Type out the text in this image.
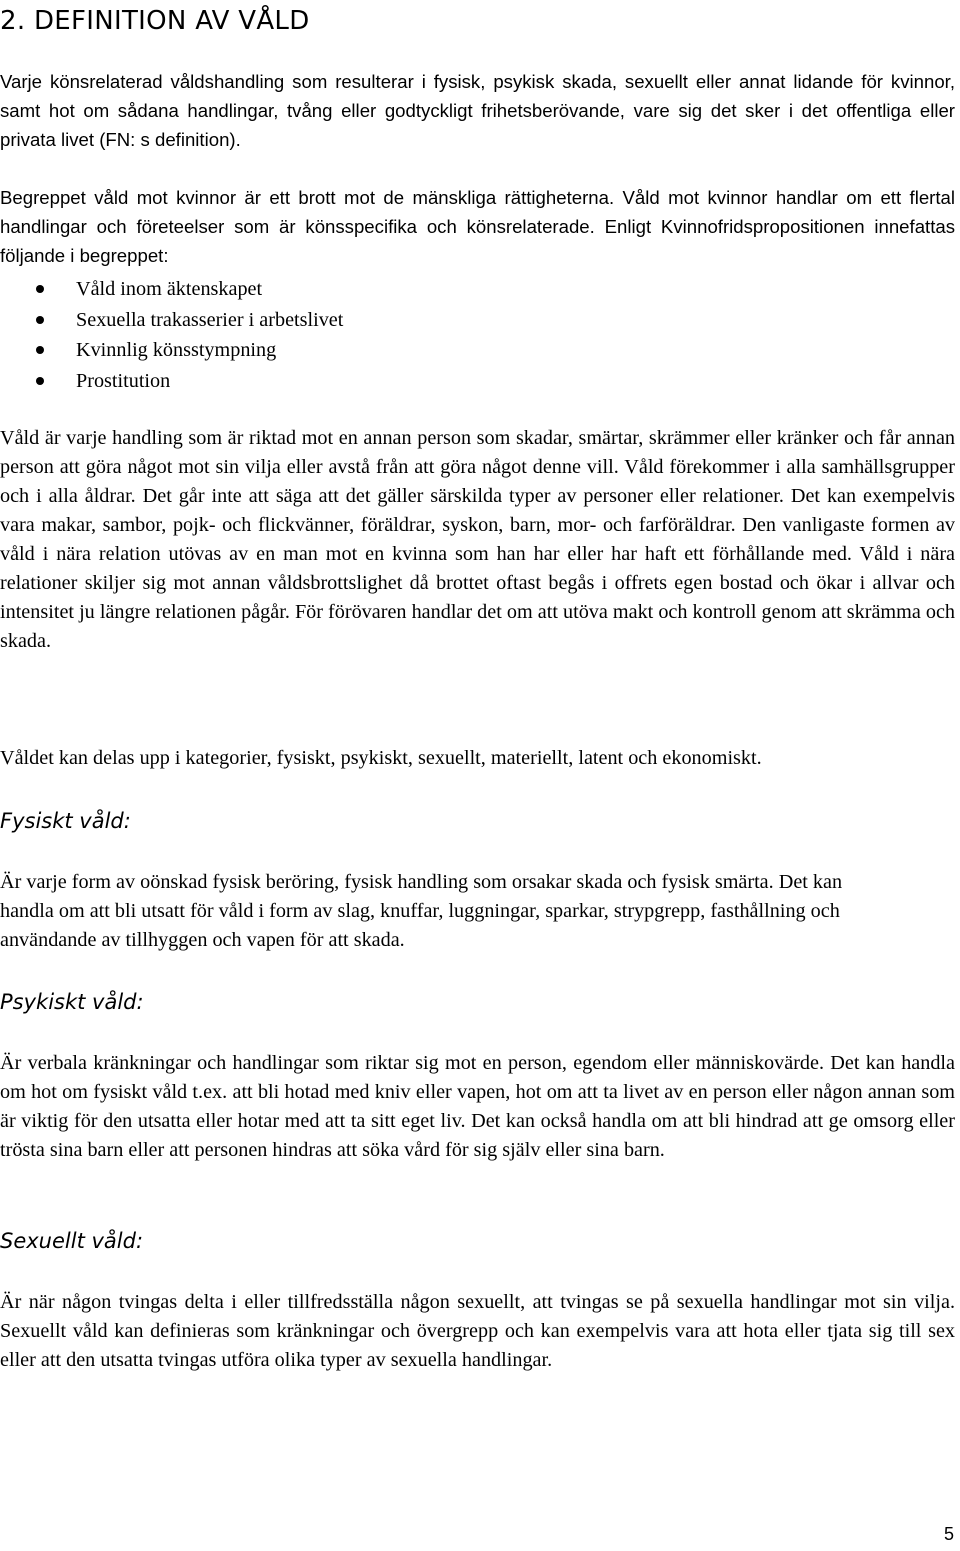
2. DEFINITION AV VÅLD

Varje könsrelaterad våldshandling som resulterar i fysisk, psykisk skada, sexuellt eller annat lidande för kvinnor, samt hot om sådana handlingar, tvång eller godtyckligt frihetsberövande, vare sig det sker i det offentliga eller privata livet (FN: s definition).

Begreppet våld mot kvinnor är ett brott mot de mänskliga rättigheterna. Våld mot kvinnor handlar om ett flertal handlingar och företeelser som är könsspecifika och könsrelaterade. Enligt Kvinnofridspropositionen innefattas följande i begreppet:

Våld inom äktenskapet
Sexuella trakasserier i arbetslivet
Kvinnlig könsstympning
Prostitution

Våld är varje handling som är riktad mot en annan person som skadar, smärtar, skrämmer eller kränker och får annan person att göra något mot sin vilja eller avstå från att göra något denne vill. Våld förekommer i alla samhällsgrupper och i alla åldrar. Det går inte att säga att det gäller särskilda typer av personer eller relationer. Det kan exempelvis vara makar, sambor, pojk- och flickvänner, föräldrar, syskon, barn, mor- och farföräldrar. Den vanligaste formen av våld i nära relation utövas av en man mot en kvinna som han har eller har haft ett förhållande med. Våld i nära relationer skiljer sig mot annan våldsbrottslighet då brottet oftast begås i offrets egen bostad och ökar i allvar och intensitet ju längre relationen pågår. För förövaren handlar det om att utöva makt och kontroll genom att skrämma och skada.

Våldet kan delas upp i kategorier, fysiskt, psykiskt, sexuellt, materiellt, latent och ekonomiskt.

Fysiskt våld:

Är varje form av oönskad fysisk beröring, fysisk handling som orsakar skada och fysisk smärta. Det kan handla om att bli utsatt för våld i form av slag, knuffar, luggningar, sparkar, strypgrepp, fasthållning och användande av tillhyggen och vapen för att skada.

Psykiskt våld:

Är verbala kränkningar och handlingar som riktar sig mot en person, egendom eller människovärde. Det kan handla om hot om fysiskt våld t.ex. att bli hotad med kniv eller vapen, hot om att ta livet av en person eller någon annan som är viktig för den utsatta eller hotar med att ta sitt eget liv. Det kan också handla om att bli hindrad att ge omsorg eller trösta sina barn eller att personen hindras att söka vård för sig själv eller sina barn.

Sexuellt våld:

Är när någon tvingas delta i eller tillfredsställa någon sexuellt, att tvingas se på sexuella handlingar mot sin vilja. Sexuellt våld kan definieras som kränkningar och övergrepp och kan exempelvis vara att hota eller tjata sig till sex eller att den utsatta tvingas utföra olika typer av sexuella handlingar.

5
